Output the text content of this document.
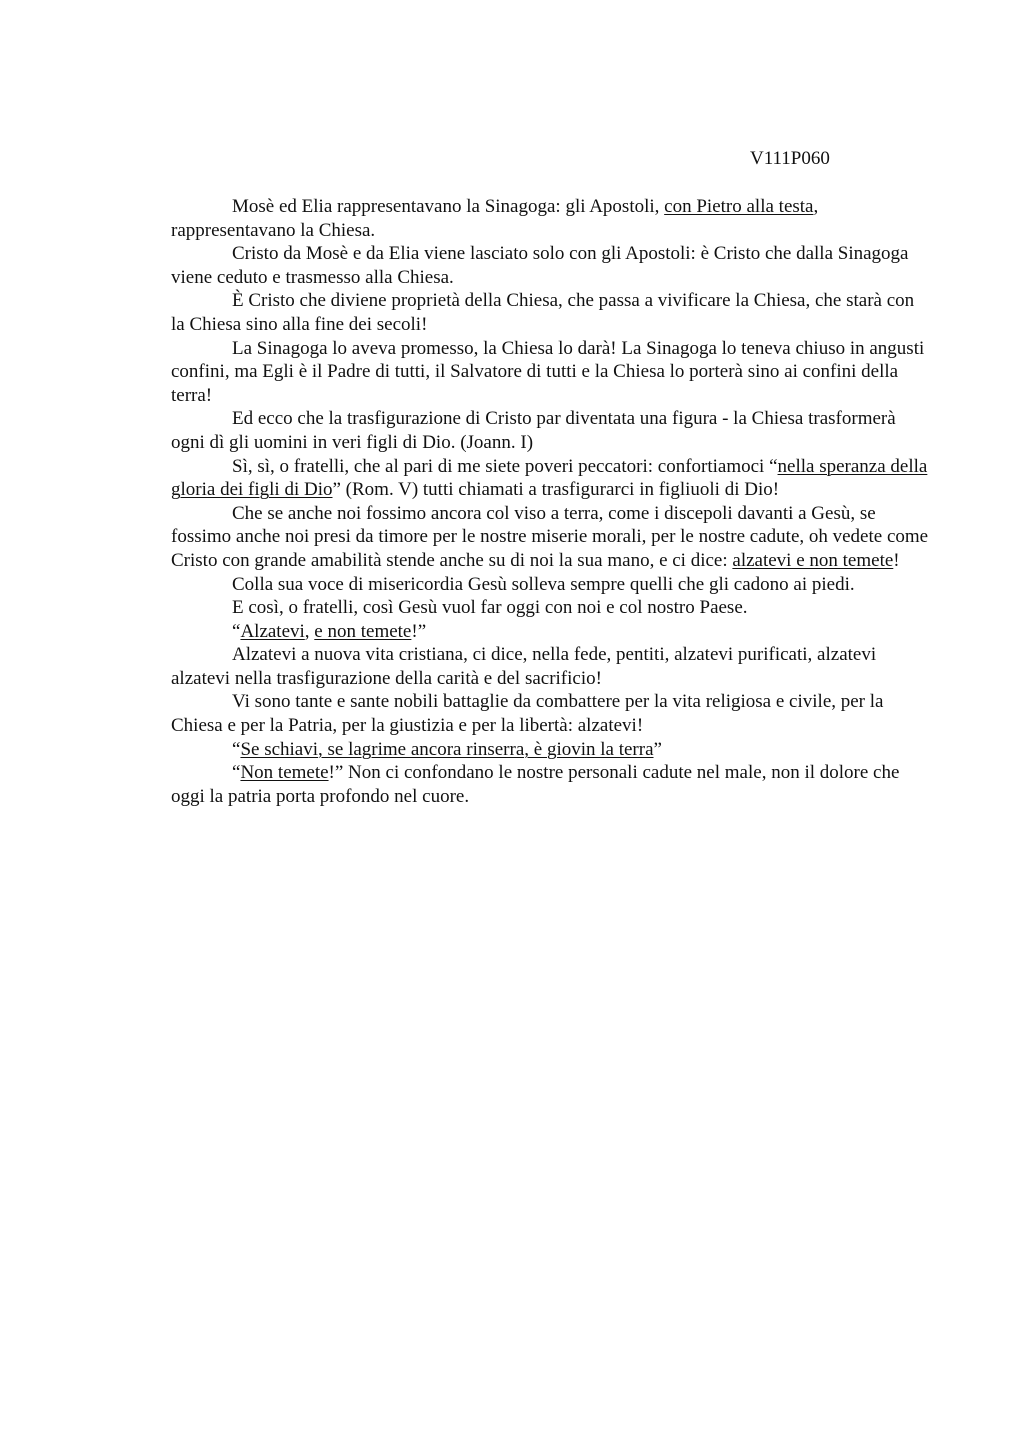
V111P060

Mosè ed Elia rappresentavano la Sinagoga: gli Apostoli, con Pietro alla testa, rappresentavano la Chiesa.

Cristo da Mosè e da Elia viene lasciato solo con gli Apostoli: è Cristo che dalla Sinagoga viene ceduto e trasmesso alla Chiesa.

È Cristo che diviene proprietà della Chiesa, che passa a vivificare la Chiesa, che starà con la Chiesa sino alla fine dei secoli!

La Sinagoga lo aveva promesso, la Chiesa lo darà! La Sinagoga lo teneva chiuso in angusti confini, ma Egli è il Padre di tutti, il Salvatore di tutti e la Chiesa lo porterà sino ai confini della terra!

Ed ecco che la trasfigurazione di Cristo par diventata una figura - la Chiesa trasformerà ogni dì gli uomini in veri figli di Dio. (Joann. I)

Sì, sì, o fratelli, che al pari di me siete poveri peccatori: confortiamoci “nella speranza della gloria dei figli di Dio” (Rom. V) tutti chiamati a trasfigurarci in figliuoli di Dio!

Che se anche noi fossimo ancora col viso a terra, come i discepoli davanti a Gesù, se fossimo anche noi presi da timore per le nostre miserie morali, per le nostre cadute, oh vedete come Cristo con grande amabilità stende anche su di noi la sua mano, e ci dice: alzatevi e non temete!

Colla sua voce di misericordia Gesù solleva sempre quelli che gli cadono ai piedi.

E così, o fratelli, così Gesù vuol far oggi con noi e col nostro Paese.

“Alzatevi, e non temete!”

Alzatevi a nuova vita cristiana, ci dice, nella fede, pentiti, alzatevi purificati, alzatevi alzatevi nella trasfigurazione della carità e del sacrificio!

Vi sono tante e sante nobili battaglie da combattere per la vita religiosa e civile, per la Chiesa e per la Patria, per la giustizia e per la libertà: alzatevi!

“Se schiavi, se lagrime ancora rinserra, è giovin la terra”

“Non temete!” Non ci confondano le nostre personali cadute nel male, non il dolore che oggi la patria porta profondo nel cuore.
